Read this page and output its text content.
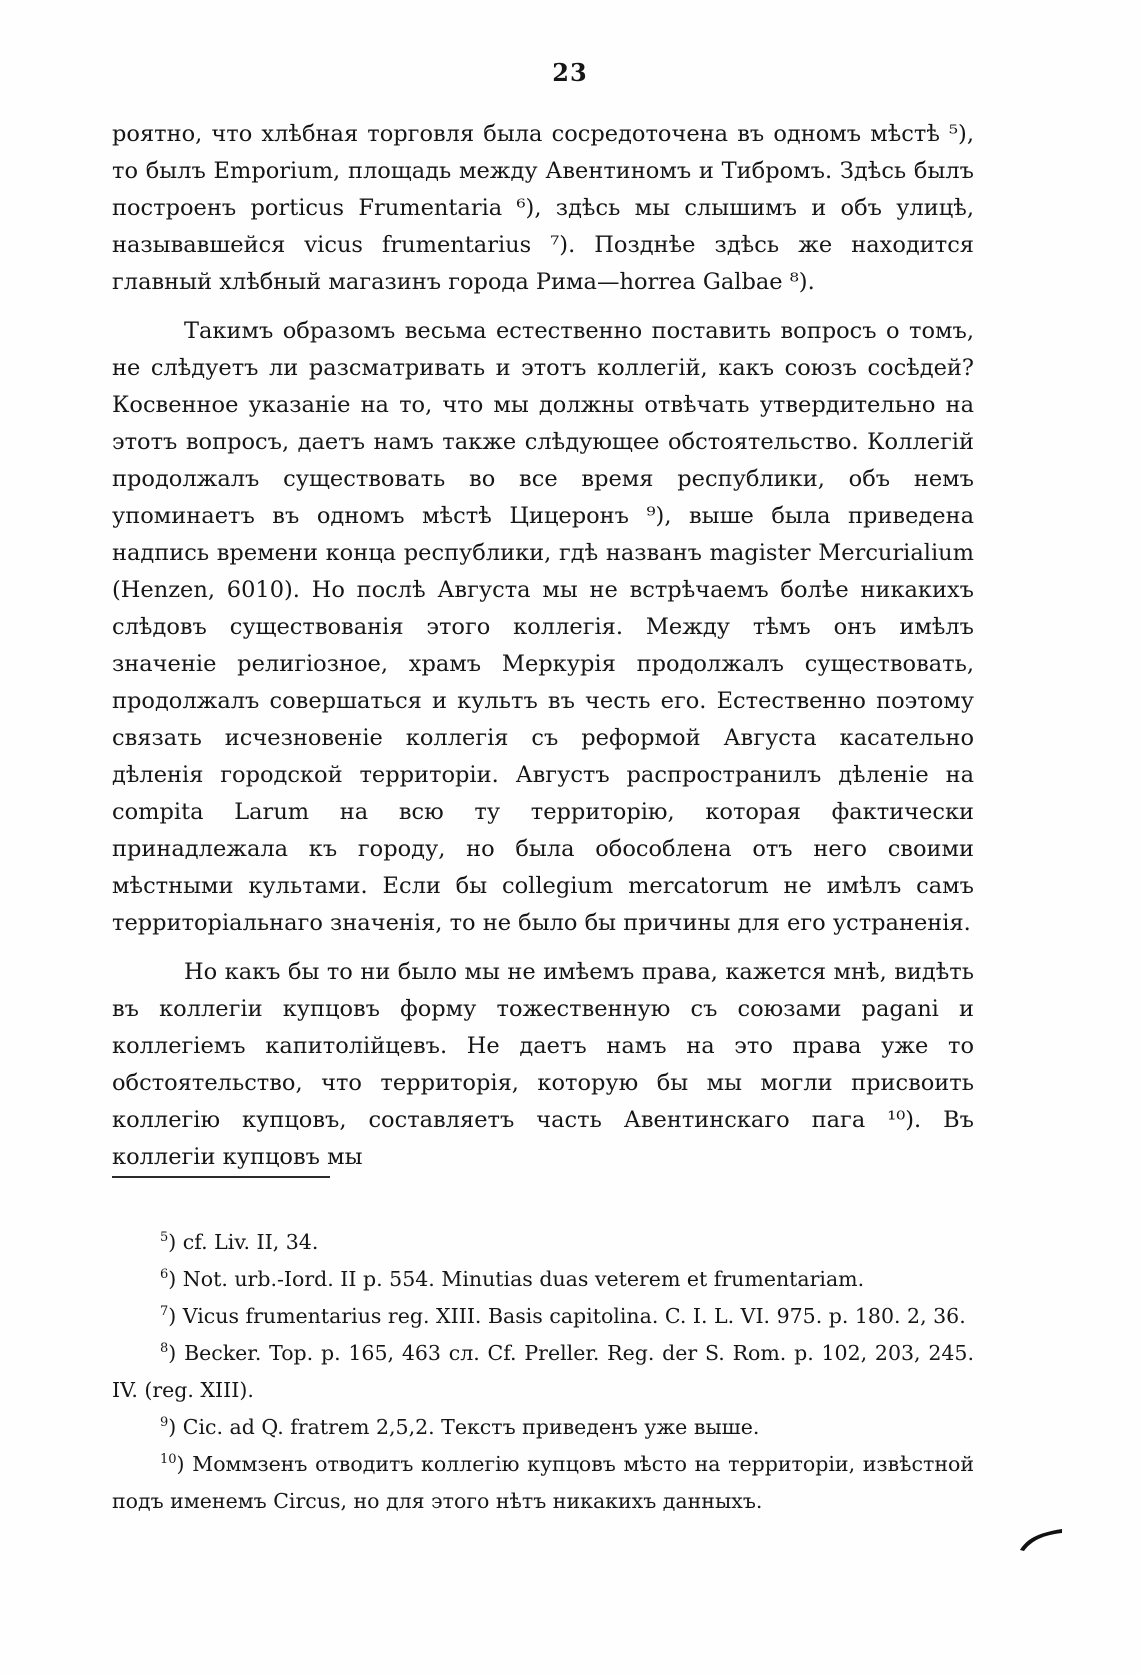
23

роятно, что хлѣбная торговля была сосредоточена въ одномъ мѣстѣ ⁵), то былъ Emporium, площадь между Авентиномъ и Тибромъ. Здѣсь былъ построенъ porticus Frumentaria ⁶), здѣсь мы слышимъ и объ улицѣ, называвшейся vicus frumentarius ⁷). Позднѣе здѣсь же находится главный хлѣбный магазинъ города Рима—horrea Galbae ⁸).

Такимъ образомъ весьма естественно поставить вопросъ о томъ, не слѣдуетъ ли разсматривать и этотъ коллегій, какъ союзъ сосѣдей? Косвенное указаніе на то, что мы должны отвѣчать утвердительно на этотъ вопросъ, даетъ намъ также слѣдующее обстоятельство. Коллегій продолжалъ существовать во все время республики, объ немъ упоминаетъ въ одномъ мѣстѣ Цицеронъ ⁹), выше была приведена надпись времени конца республики, гдѣ названъ magister Mercurialium (Henzen, 6010). Но послѣ Августа мы не встрѣчаемъ болѣе никакихъ слѣдовъ существованія этого коллегія. Между тѣмъ онъ имѣлъ значеніе религіозное, храмъ Меркурія продолжалъ существовать, продолжалъ совершаться и культъ въ честь его. Естественно поэтому связать исчезновеніе коллегія съ реформой Августа касательно дѣленія городской территоріи. Августъ распространилъ дѣленіе на compita Larum на всю ту территорію, которая фактически принадлежала къ городу, но была обособлена отъ него своими мѣстными культами. Если бы collegium mercatorum не имѣлъ самъ территоріальнаго значенія, то не было бы причины для его устраненія.

Но какъ бы то ни было мы не имѣемъ права, кажется мнѣ, видѣть въ коллегіи купцовъ форму тожественную съ союзами pagani и коллегіемъ капитолійцевъ. Не даетъ намъ на это права уже то обстоятельство, что территорія, которую бы мы могли присвоить коллегію купцовъ, составляетъ часть Авентинскаго пага ¹⁰). Въ коллегіи купцовъ мы

$^5$) cf. Liv. II, 34.

$^6$) Not. urb.-Iord. II p. 554. Minutias duas veterem et frumentariam.

$^7$) Vicus frumentarius reg. XIII. Basis capitolina. C. I. L. VI. 975. p. 180. 2, 36.

$^8$) Becker. Top. p. 165, 463 сл. Cf. Preller. Reg. der S. Rom. p. 102, 203, 245. IV. (reg. XIII).

$^9$) Cic. ad Q. fratrem 2,5,2. Текстъ приведенъ уже выше.

$^{10}$) Моммзенъ отводитъ коллегію купцовъ мѣсто на территоріи, извѣстной подъ именемъ Circus, но для этого нѣтъ никакихъ данныхъ.
